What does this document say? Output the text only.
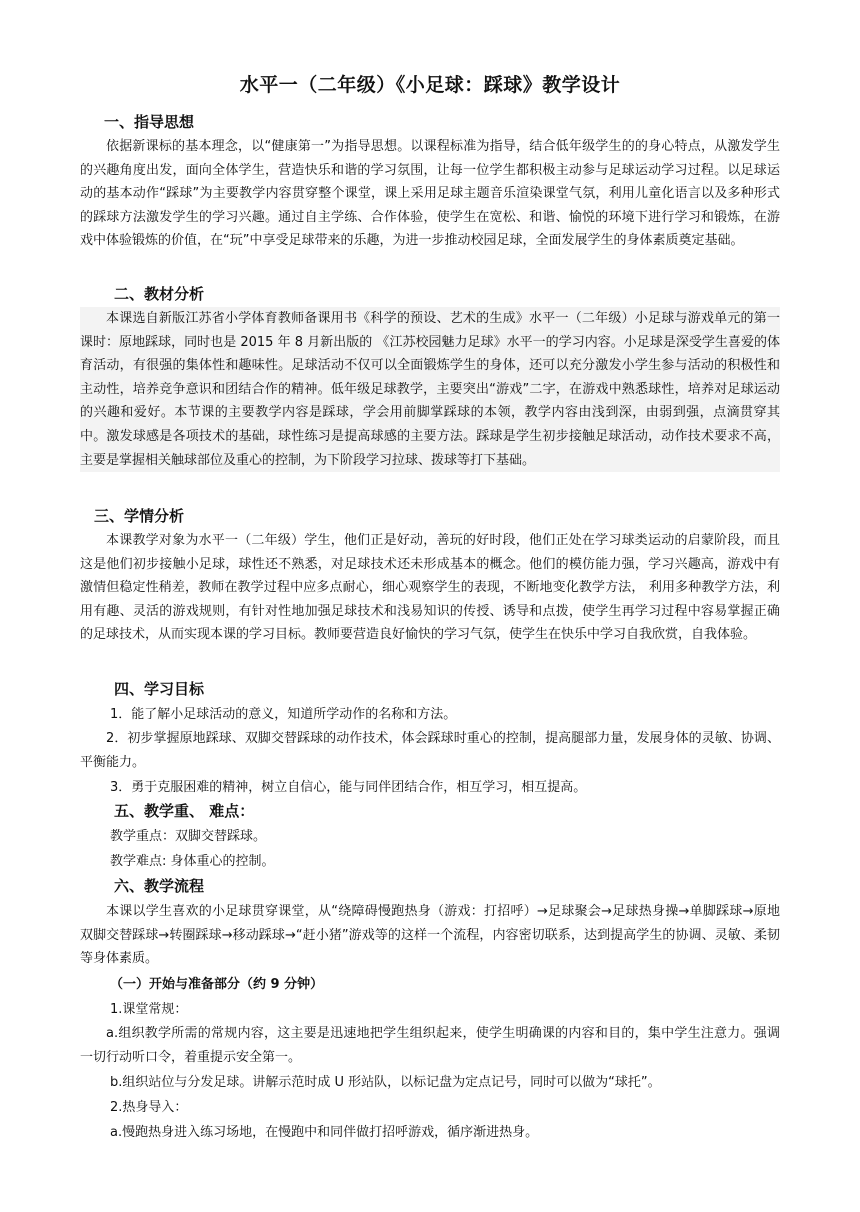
水平一（二年级）《小足球：踩球》教学设计
一、指导思想

依据新课标的基本理念，以“健康第一”为指导思想。以课程标准为指导，结合低年级学生的的身心特点，从激发学生的兴趣角度出发，面向全体学生，营造快乐和谐的学习氛围，让每一位学生都积极主动参与足球运动学习过程。以足球运动的基本动作“踩球”为主要教学内容贯穿整个课堂，课上采用足球主题音乐渲染课堂气氛，利用儿童化语言以及多种形式的踩球方法激发学生的学习兴趣。通过自主学练、合作体验，使学生在宽松、和谐、愉悦的环境下进行学习和锻炼，在游戏中体验锻炼的价值，在“玩”中享受足球带来的乐趣，为进一步推动校园足球，全面发展学生的身体素质奠定基础。

二、教材分析

本课选自新版江苏省小学体育教师备课用书《科学的预设、艺术的生成》水平一（二年级）小足球与游戏单元的第一课时：原地踩球，同时也是 2015 年 8 月新出版的 《江苏校园魅力足球》水平一的学习内容。小足球是深受学生喜爱的体育活动，有很强的集体性和趣味性。足球活动不仅可以全面锻炼学生的身体，还可以充分激发小学生参与活动的积极性和主动性，培养竞争意识和团结合作的精神。低年级足球教学，主要突出“游戏”二字，在游戏中熟悉球性，培养对足球运动的兴趣和爱好。本节课的主要教学内容是踩球，学会用前脚掌踩球的本领，教学内容由浅到深，由弱到强，点滴贯穿其中。激发球感是各项技术的基础，球性练习是提高球感的主要方法。踩球是学生初步接触足球活动，动作技术要求不高，主要是掌握相关触球部位及重心的控制，为下阶段学习拉球、拨球等打下基础。

三、学情分析

本课教学对象为水平一（二年级）学生，他们正是好动，善玩的好时段，他们正处在学习球类运动的启蒙阶段，而且这是他们初步接触小足球，球性还不熟悉，对足球技术还未形成基本的概念。他们的模仿能力强，学习兴趣高，游戏中有激情但稳定性稍差，教师在教学过程中应多点耐心，细心观察学生的表现，不断地变化教学方法， 利用多种教学方法，利用有趣、灵活的游戏规则，有针对性地加强足球技术和浅易知识的传授、诱导和点拨，使学生再学习过程中容易掌握正确的足球技术，从而实现本课的学习目标。教师要营造良好愉快的学习气氛，使学生在快乐中学习自我欣赏，自我体验。

四、学习目标
1．能了解小足球活动的意义，知道所学动作的名称和方法。

2．初步掌握原地踩球、双脚交替踩球的动作技术，体会踩球时重心的控制，提高腿部力量，发展身体的灵敏、协调、平衡能力。

3．勇于克服困难的精神，树立自信心，能与同伴团结合作，相互学习，相互提高。
五、教学重、 难点：
教学重点：双脚交替踩球。
教学难点: 身体重心的控制。
六、教学流程

本课以学生喜欢的小足球贯穿课堂，从“绕障碍慢跑热身（游戏：打招呼）→足球聚会→足球热身操→单脚踩球→原地双脚交替踩球→转圈踩球→移动踩球→“赶小猪”游戏等的这样一个流程，内容密切联系，达到提高学生的协调、灵敏、柔韧等身体素质。

（一）开始与准备部分（约 9 分钟）
1.课堂常规：

a.组织教学所需的常规内容，这主要是迅速地把学生组织起来，使学生明确课的内容和目的，集中学生注意力。强调一切行动听口令，着重提示安全第一。

b.组织站位与分发足球。讲解示范时成 U 形站队，以标记盘为定点记号，同时可以做为“球托”。
2.热身导入：
a.慢跑热身进入练习场地，在慢跑中和同伴做打招呼游戏，循序渐进热身。
